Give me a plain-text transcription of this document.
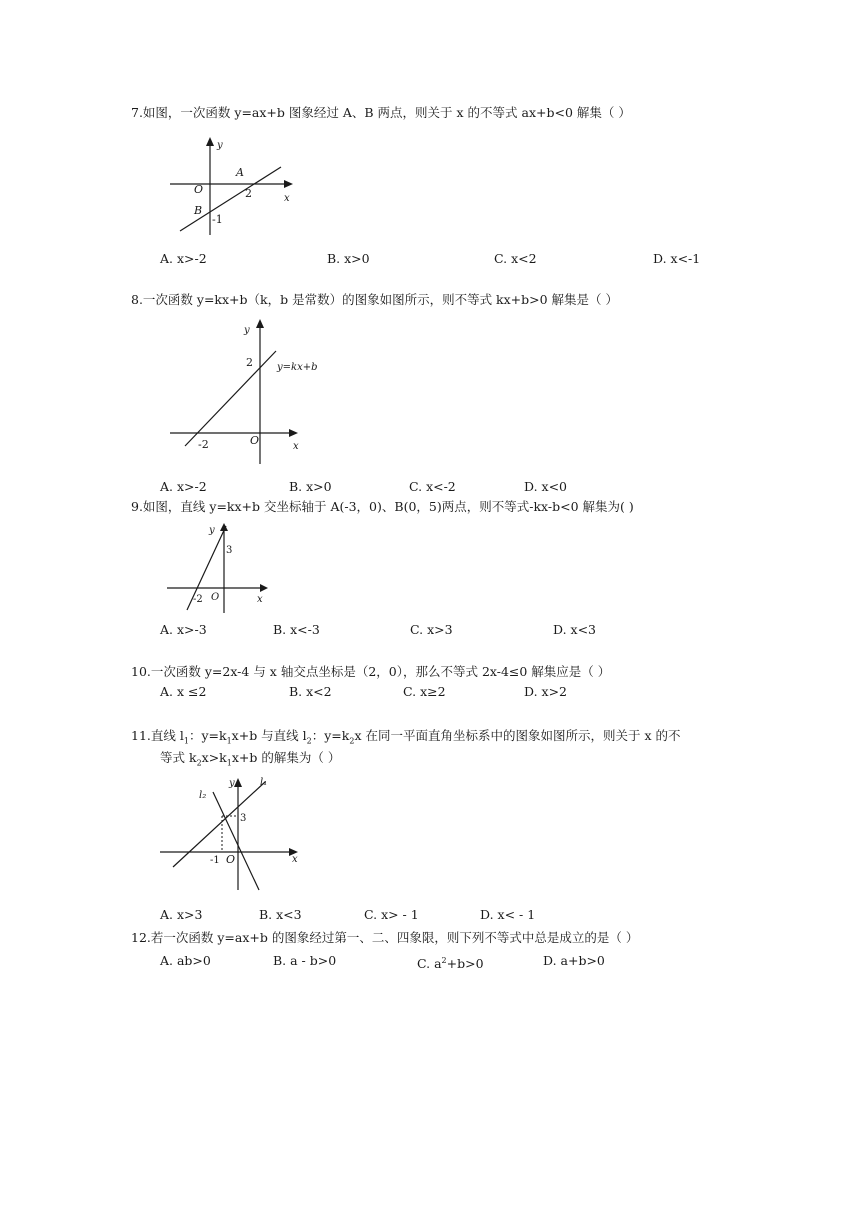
7.如图，一次函数 y=ax+b 图象经过 A、B 两点，则关于 x 的不等式 ax+b<0 解集（ ）
y
O
A
2
B
-1
x
A. x>-2	B. x>0	C. x<2	D. x<-1
8.一次函数 y=kx+b（k，b 是常数）的图象如图所示，则不等式 kx+b>0 解集是（ ）
y
2 y=kx+b
-2	O	x
A. x>-2	B. x>0	C. x<-2	D. x<0
9.如图，直线 y=kx+b 交坐标轴于 A(-3，0)、B(0，5)两点，则不等式-kx-b<0 解集为( )
y
3
-2 O	x
A. x>-3	B. x<-3	C. x>3	D. x<3
10.一次函数 y=2x-4 与 x 轴交点坐标是（2，0），那么不等式 2x-4≤0 解集应是（ ）
A. x ≤2	B. x<2	C. x≥2	D. x>2
11.直线 $l_1$：$y=k_1x+b$ 与直线 $l_2$：$y=k_2x$ 在同一平面直角坐标系中的图象如图所示，则关于 x 的不
等式 $k_2x>k_1x+b$ 的解集为（ ）
l₂
y	l₁
3
-1 O	x
A. x>3	B. x<3	C. x> - 1	D. x< - 1
12.若一次函数 y=ax+b 的图象经过第一、二、四象限，则下列不等式中总是成立的是（ ）
A. ab>0	B. a - b>0	C. $a^2+b>0$	D. a+b>0
